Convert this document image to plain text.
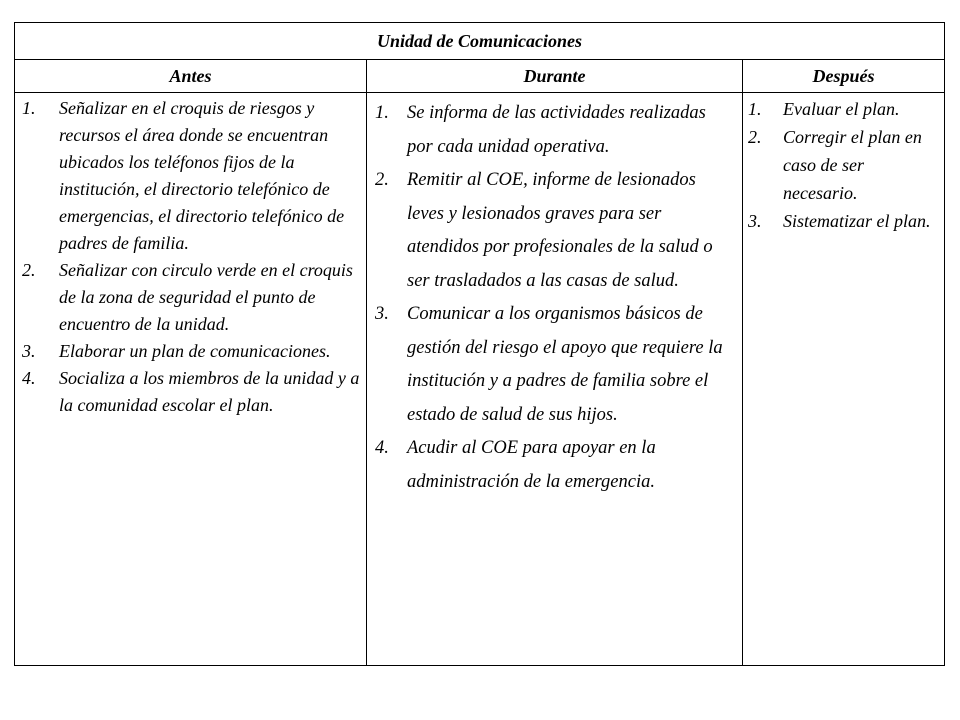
Unidad de Comunicaciones
Antes	Durante	Después
1. Señalizar en el croquis de riesgos y recursos el área donde se encuentran ubicados los teléfonos fijos de la institución, el directorio telefónico de emergencias, el directorio telefónico de padres de familia.
2. Señalizar con circulo verde en el croquis de la zona de seguridad el punto de encuentro de la unidad.
3. Elaborar un plan de comunicaciones.
4. Socializa a los miembros de la unidad y a la comunidad escolar el plan.
1. Se informa de las actividades realizadas por cada unidad operativa.
2. Remitir al COE, informe de lesionados leves y lesionados graves para ser atendidos por profesionales de la salud o ser trasladados a las casas de salud.
3. Comunicar a los organismos básicos de gestión del riesgo el apoyo que requiere la institución y a padres de familia sobre el estado de salud de sus hijos.
4. Acudir al COE para apoyar en la administración de la emergencia.
1. Evaluar el plan.
2. Corregir el plan en caso de ser necesario.
3. Sistematizar el plan.
